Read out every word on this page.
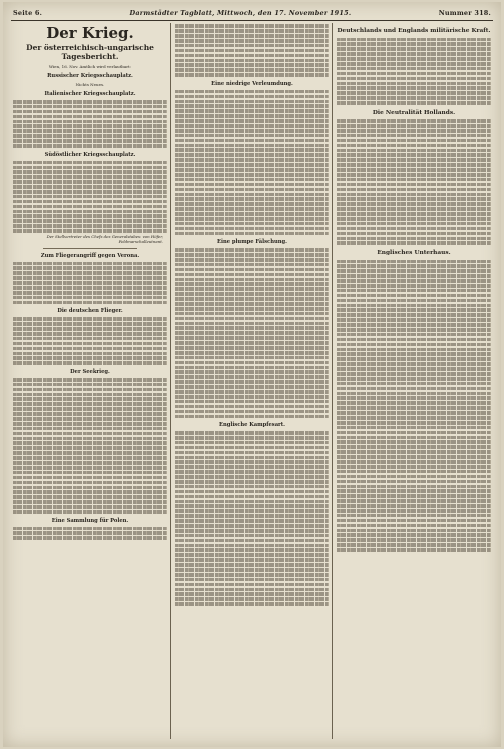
Seite 6.	Darmstädter Tagblatt, Mittwoch, den 17. November 1915.	Nummer 318.
Der Krieg.
Der österreichisch-ungarische Tagesbericht.
Wien, 16. Nov. Amtlich wird verlautbart:
Russischer Kriegsschauplatz.
Nichts Neues.
Italienischer Kriegsschauplatz.
Südöstlicher Kriegsschauplatz.
Der Stellvertreter des Chefs des Generalstabes: von Höfer, Feldmarschalleutnant.
Zum Fliegerangriff gegen Verona.
Die deutschen Flieger.
Der Seekrieg.
Eine Sammlung für Polen.
Eine niedrige Verleumdung.
Eine plumpe Fälschung.
Englische Kampfesart.
Deutschlands und Englands militärische Kraft.
Die Neutralität Hollands.
Englisches Unterhaus.
